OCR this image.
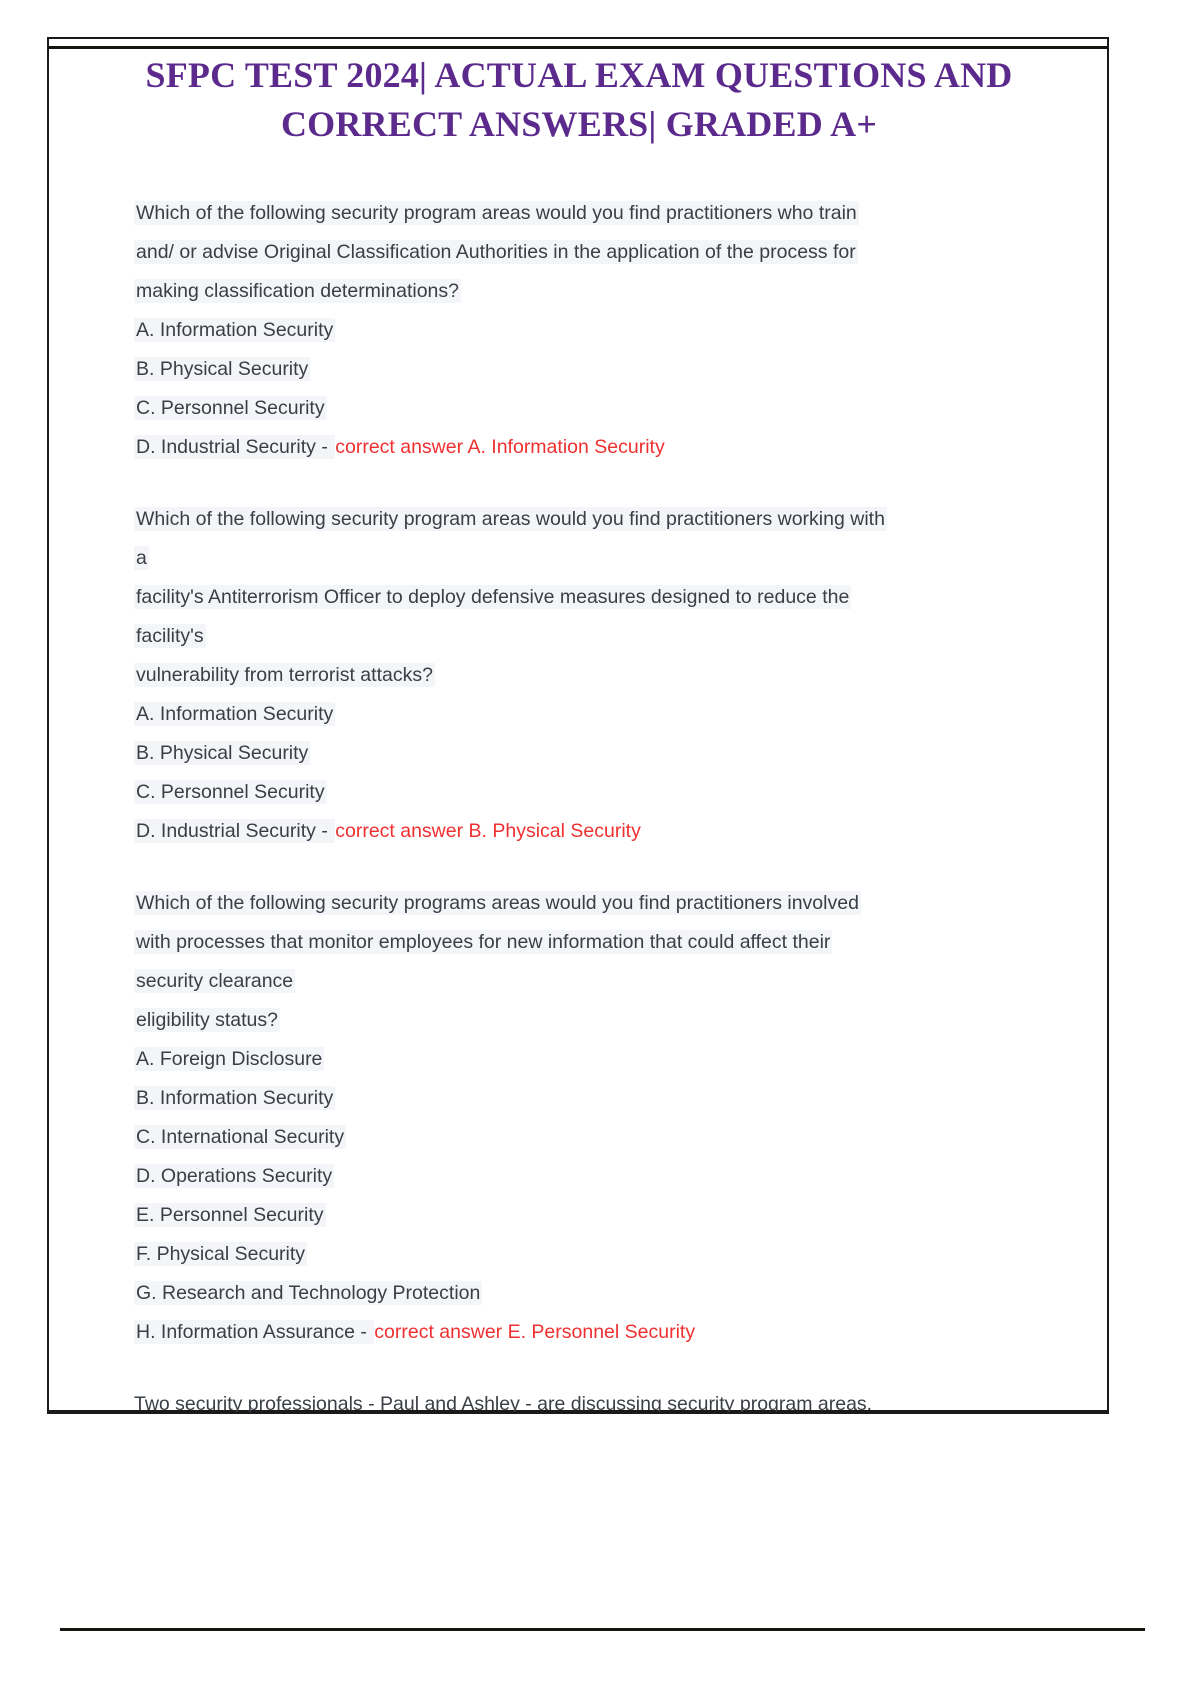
SFPC TEST 2024| ACTUAL EXAM QUESTIONS AND
CORRECT ANSWERS| GRADED A+
Which of the following security program areas would you find practitioners who train
and/ or advise Original Classification Authorities in the application of the process for
making classification determinations?
A. Information Security
B. Physical Security
C. Personnel Security
D. Industrial Security - correct answer A. Information Security
Which of the following security program areas would you find practitioners working with
a
facility's Antiterrorism Officer to deploy defensive measures designed to reduce the
facility's
vulnerability from terrorist attacks?
A. Information Security
B. Physical Security
C. Personnel Security
D. Industrial Security - correct answer B. Physical Security
Which of the following security programs areas would you find practitioners involved
with processes that monitor employees for new information that could affect their
security clearance
eligibility status?
A. Foreign Disclosure
B. Information Security
C. International Security
D. Operations Security
E. Personnel Security
F. Physical Security
G. Research and Technology Protection
H. Information Assurance - correct answer E. Personnel Security
Two security professionals - Paul and Ashley - are discussing security program areas.
